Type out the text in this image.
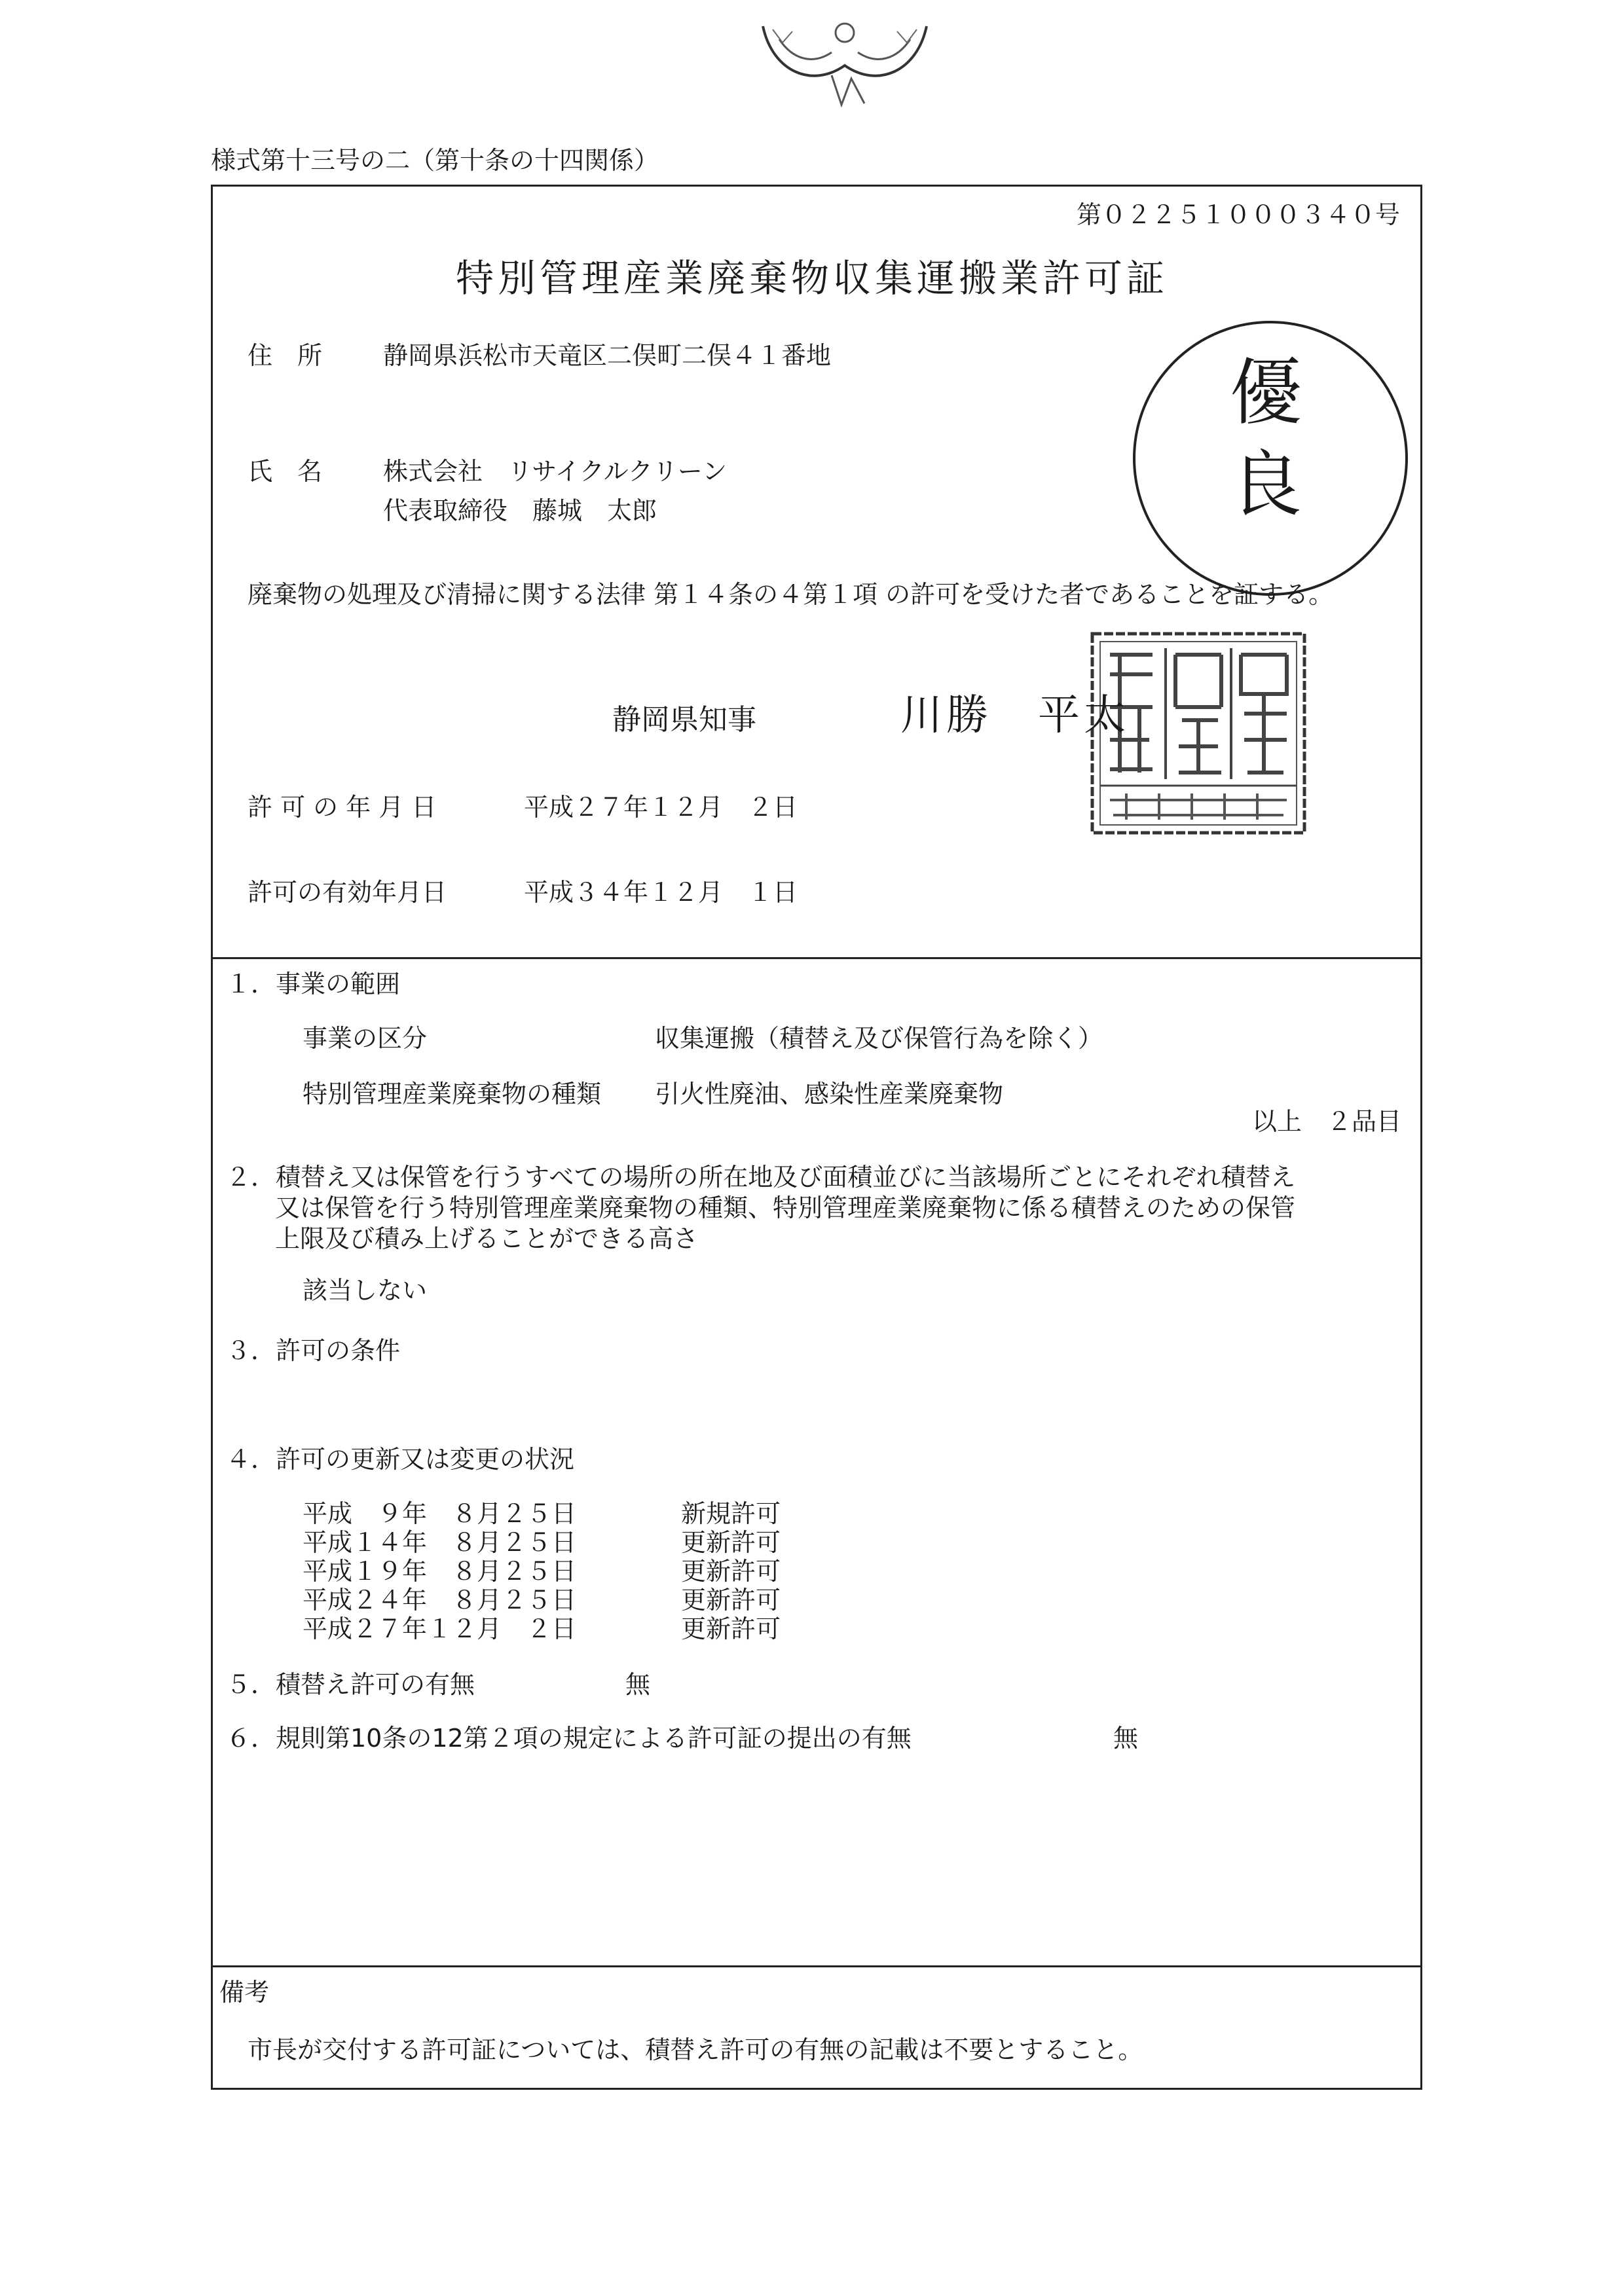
様式第十三号の二（第十条の十四関係）
第０２２５１０００３４０号
特別管理産業廃棄物収集運搬業許可証
住　所 静岡県浜松市天竜区二俣町二俣４１番地
氏　名 株式会社　リサイクルクリーン
代表取締役　藤城　太郎
優
良
廃棄物の処理及び清掃に関する法律 第１４条の４第１項 の許可を受けた者であることを証する。
静岡県知事	川勝　平太
許 可 の 年 月 日	平成２７年１２月　２日
許可の有効年月日	平成３４年１２月　１日
１．事業の範囲
事業の区分	収集運搬（積替え及び保管行為を除く）
特別管理産業廃棄物の種類 引火性廃油、感染性産業廃棄物
以上　２品目
２．積替え又は保管を行うすべての場所の所在地及び面積並びに当該場所ごとにそれぞれ積替え
又は保管を行う特別管理産業廃棄物の種類、特別管理産業廃棄物に係る積替えのための保管
上限及び積み上げることができる高さ
該当しない
３．許可の条件
４．許可の更新又は変更の状況
平成　９年　８月２５日	新規許可
平成１４年　８月２５日	更新許可
平成１９年　８月２５日	更新許可
平成２４年　８月２５日	更新許可
平成２７年１２月　２日	更新許可
５．積替え許可の有無	無
６．規則第10条の12第２項の規定による許可証の提出の有無	無
備考
市長が交付する許可証については、積替え許可の有無の記載は不要とすること。
